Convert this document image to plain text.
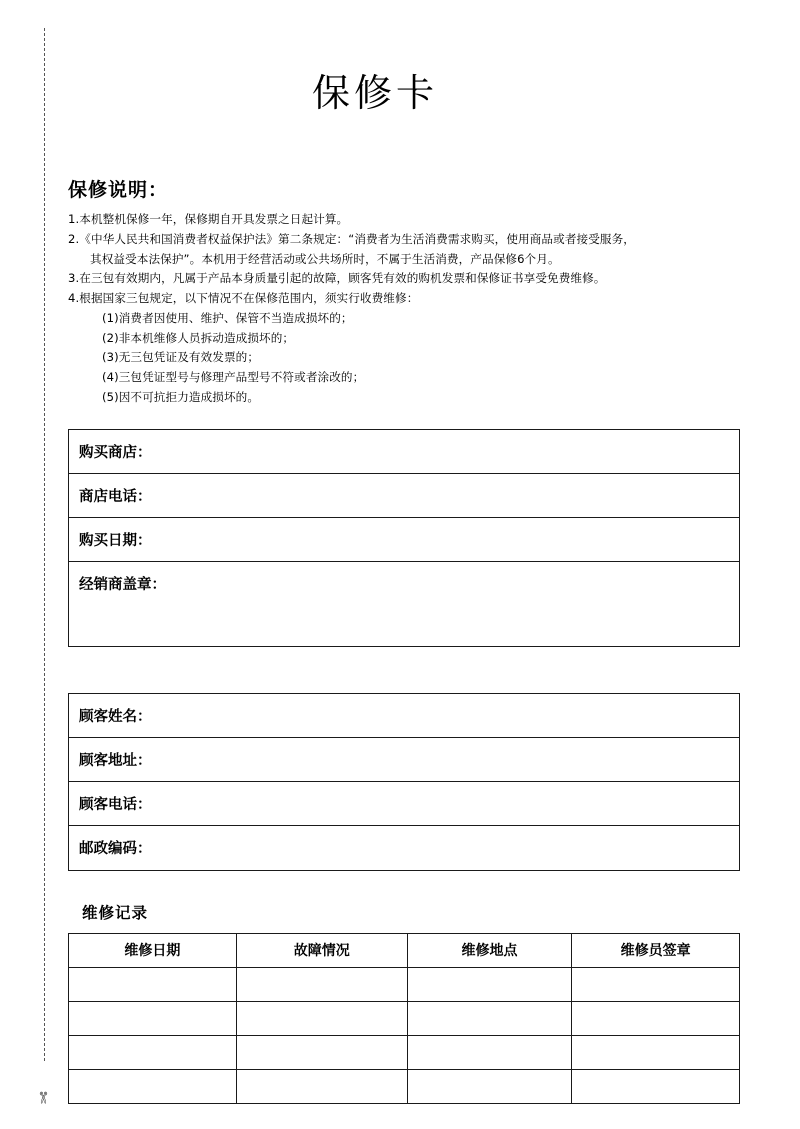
✄
保修卡
保修说明：
1.本机整机保修一年，保修期自开具发票之日起计算。
2.《中华人民共和国消费者权益保护法》第二条规定：“消费者为生活消费需求购买，使用商品或者接受服务，
其权益受本法保护”。本机用于经营活动或公共场所时，不属于生活消费，产品保修6个月。
3.在三包有效期内，凡属于产品本身质量引起的故障，顾客凭有效的购机发票和保修证书享受免费维修。
4.根据国家三包规定，以下情况不在保修范围内，须实行收费维修：
(1)消费者因使用、维护、保管不当造成损坏的；
(2)非本机维修人员拆动造成损坏的；
(3)无三包凭证及有效发票的；
(4)三包凭证型号与修理产品型号不符或者涂改的；
(5)因不可抗拒力造成损坏的。
购买商店：
商店电话：
购买日期：
经销商盖章：
顾客姓名：
顾客地址：
顾客电话：
邮政编码：
维修记录
维修日期	故障情况	维修地点	维修员签章
